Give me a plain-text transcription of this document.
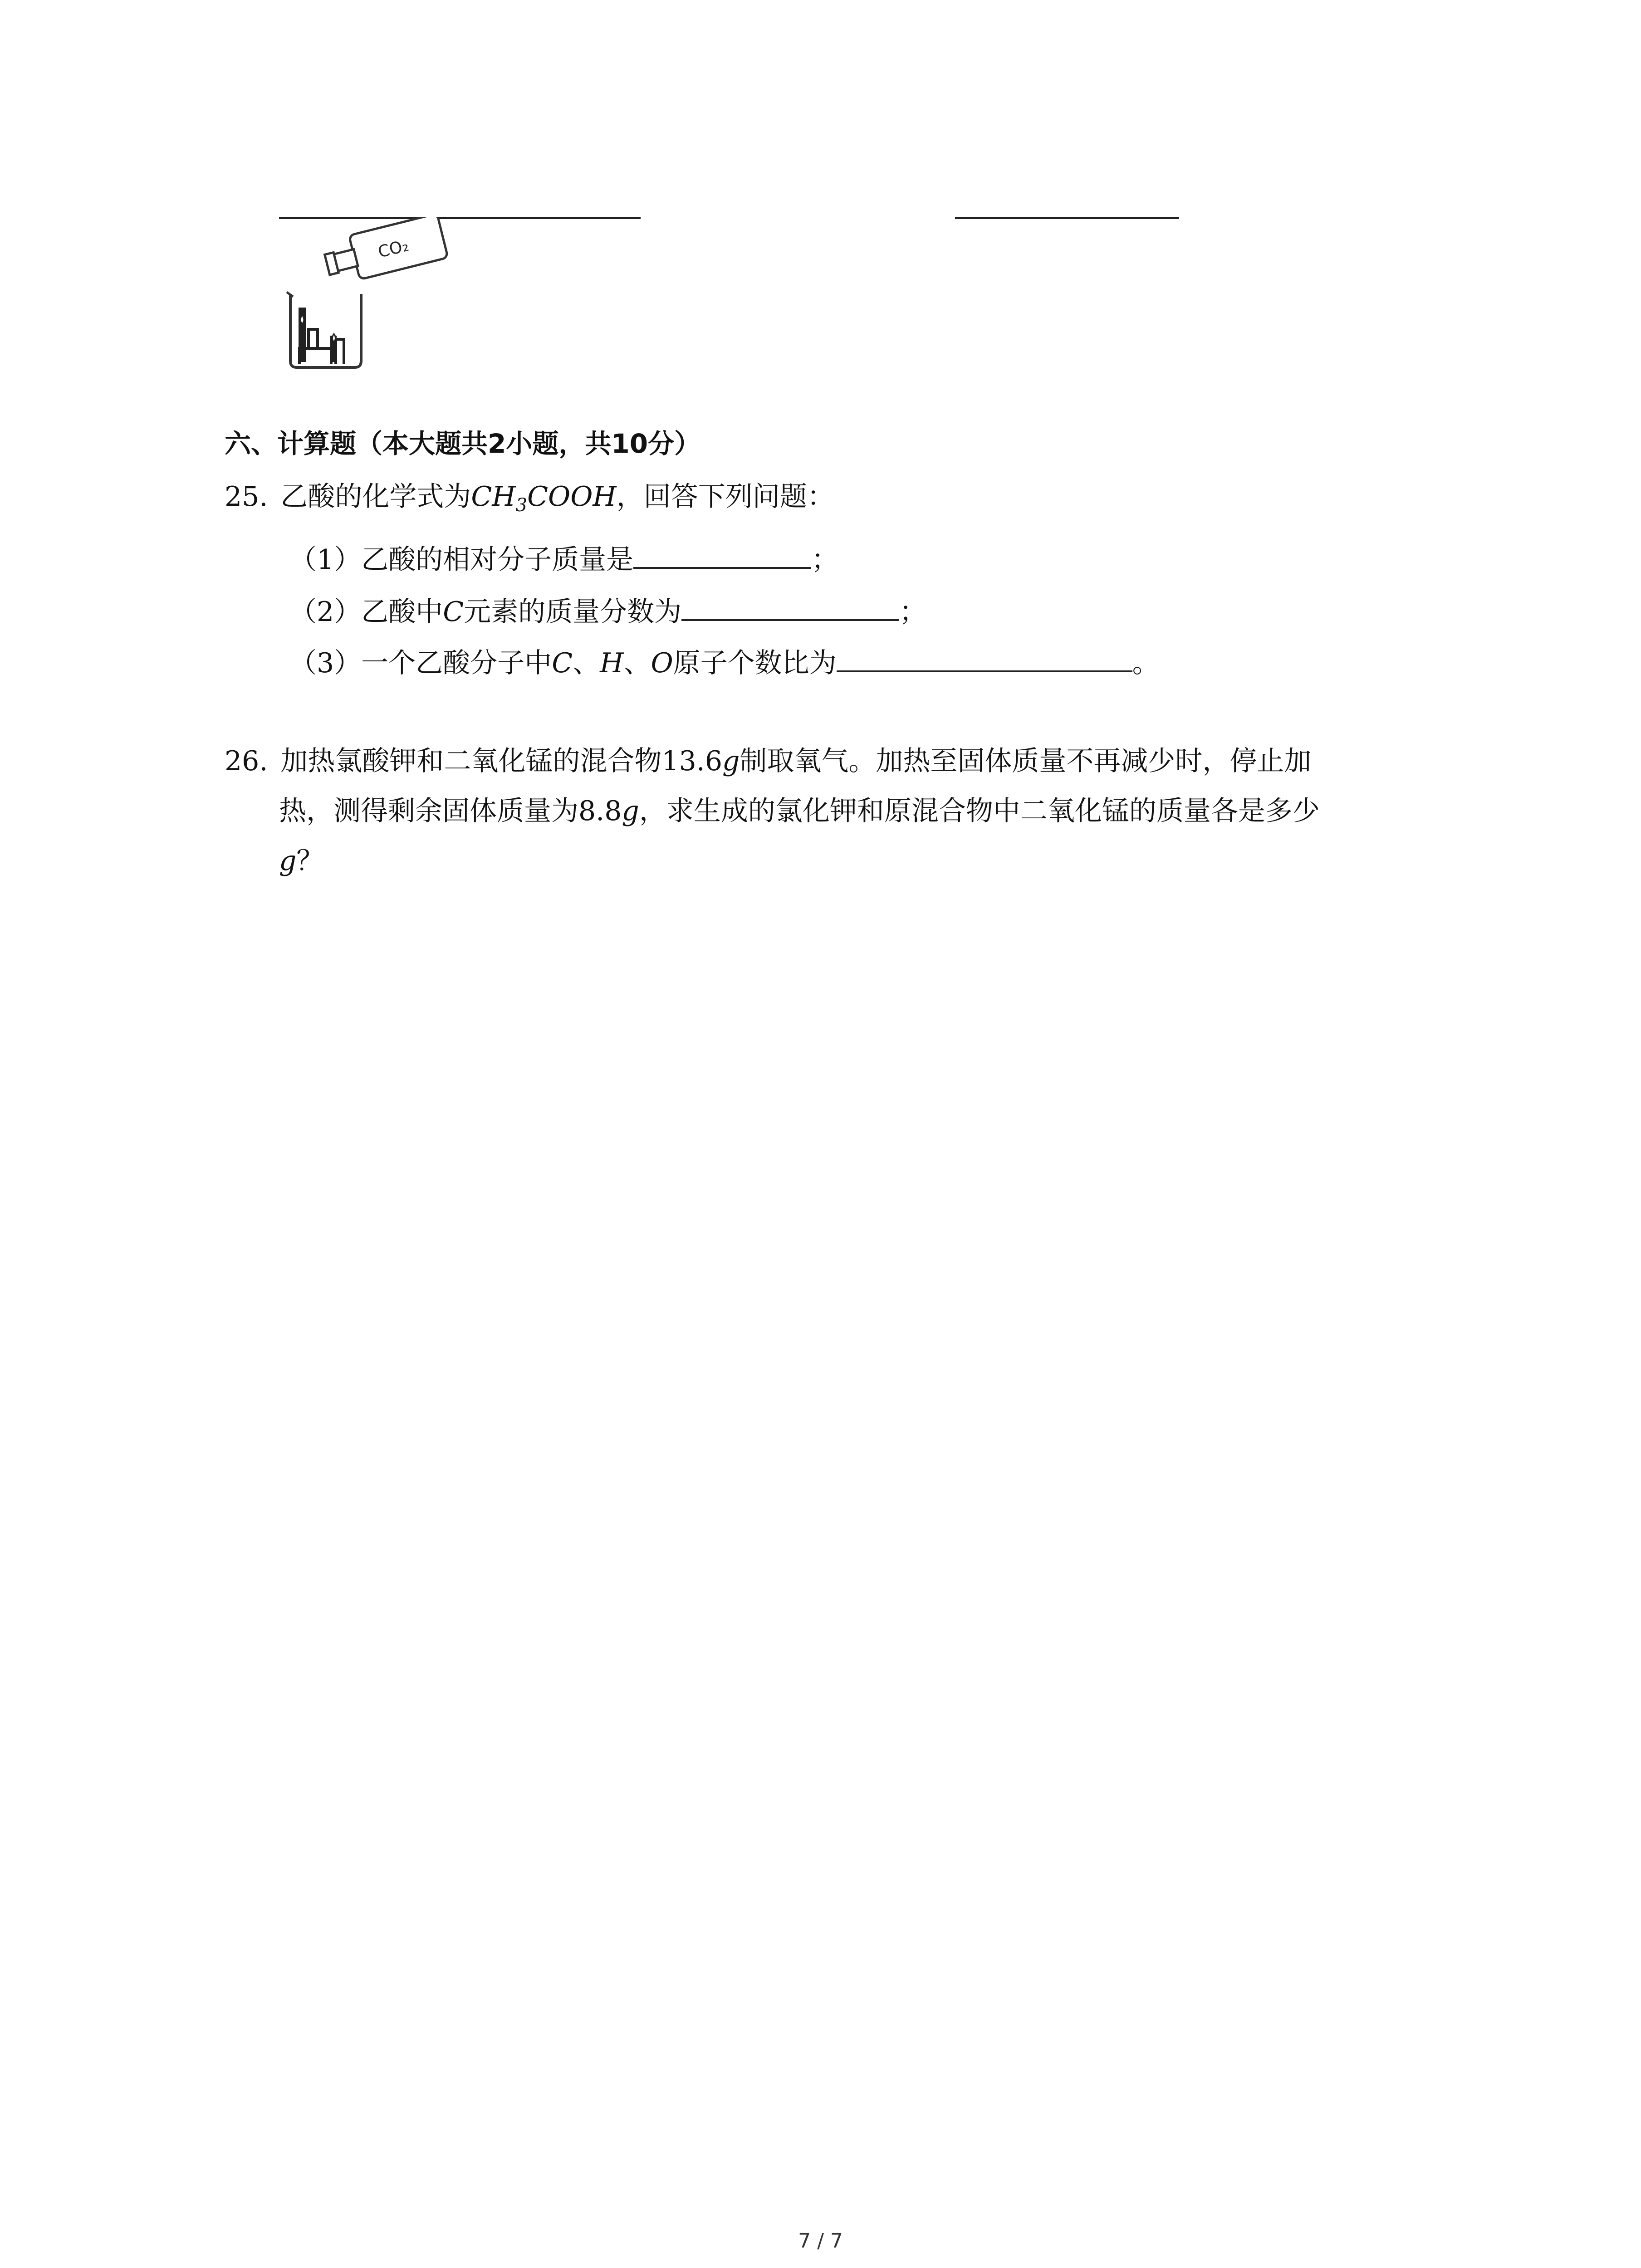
CO₂
六、计算题（本大题共2小题，共10分）
25. 乙酸的化学式为$CH_3COOH$，回答下列问题：
（1）乙酸的相对分子质量是	；
（2）乙酸中C元素的质量分数为	；
（3）一个乙酸分子中C、H、O原子个数比为	。
26. 加热氯酸钾和二氧化锰的混合物13.6g制取氧气。加热至固体质量不再减少时，停止加
热，测得剩余固体质量为8.8g，求生成的氯化钾和原混合物中二氧化锰的质量各是多少
g？
7 / 7
